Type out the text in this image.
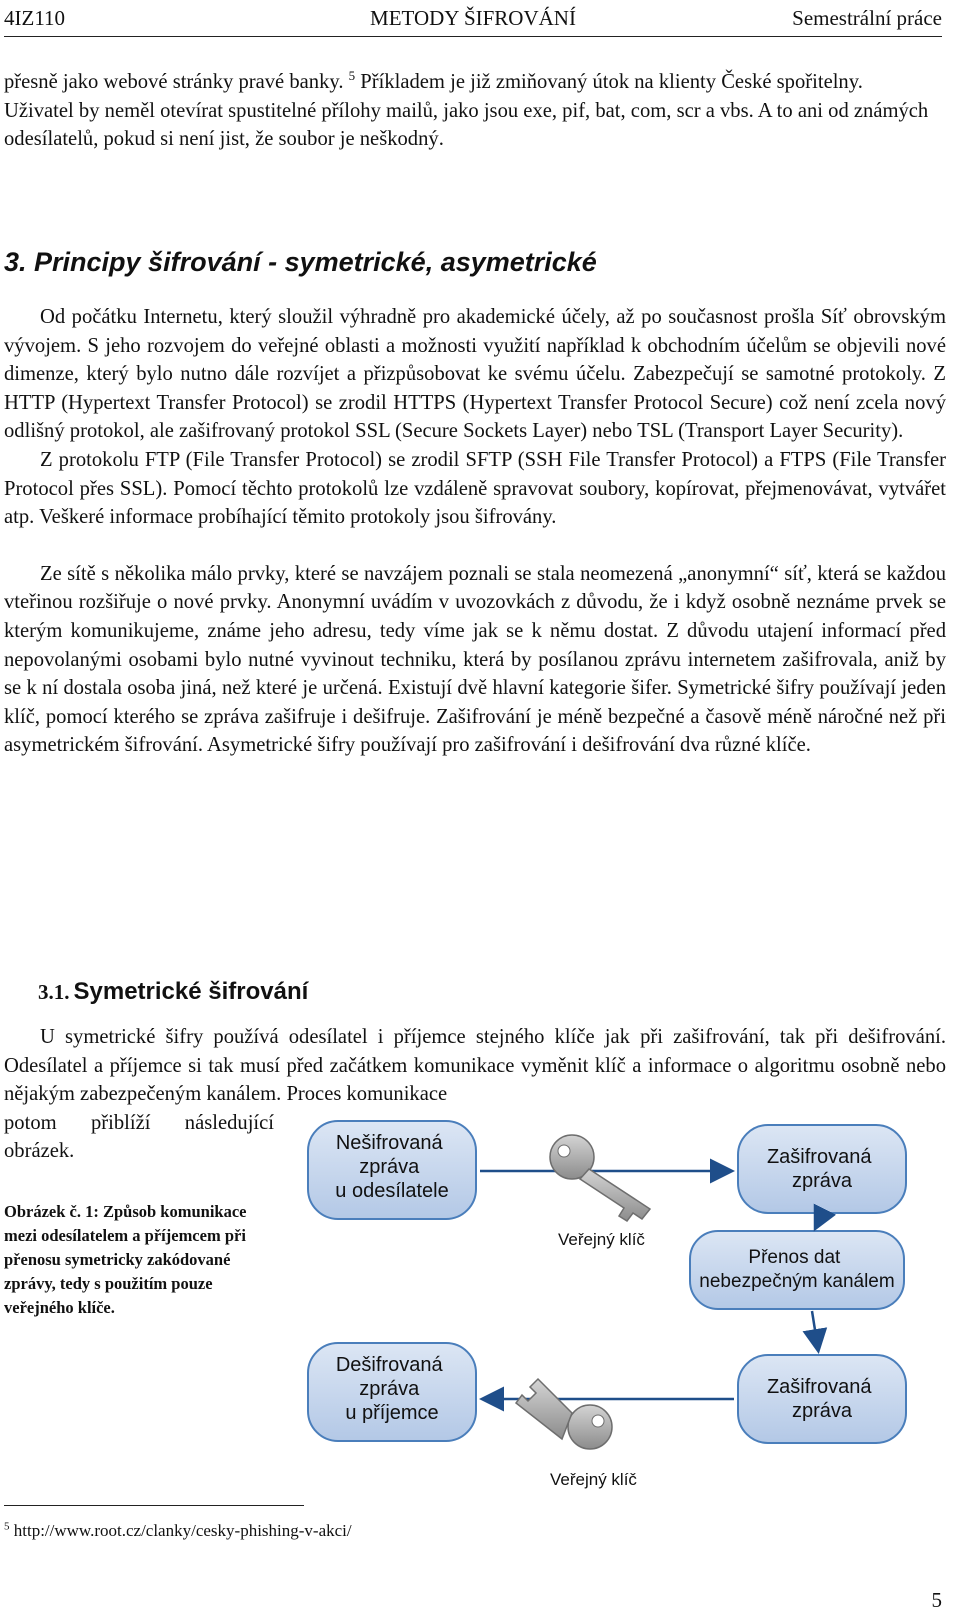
4IZ110	METODY ŠIFROVÁNÍ	Semestrální práce

přesně jako webové stránky pravé banky. $^5$ Příkladem je již zmiňovaný útok na klienty České spořitelny.

Uživatel by neměl otevírat spustitelné přílohy mailů, jako jsou exe, pif, bat, com, scr a vbs. A to ani od známých odesílatelů, pokud si není jist, že soubor je neškodný.

3. Principy šifrování - symetrické, asymetrické

Od počátku Internetu, který sloužil výhradně pro akademické účely, až po současnost prošla Síť obrovským vývojem. S jeho rozvojem do veřejné oblasti a možnosti využití například k obchodním účelům se objevili nové dimenze, který bylo nutno dále rozvíjet a přizpůsobovat ke svému účelu. Zabezpečují se samotné protokoly. Z HTTP (Hypertext Transfer Protocol) se zrodil HTTPS (Hypertext Transfer Protocol Secure) což není zcela nový odlišný protokol, ale zašifrovaný protokol SSL (Secure Sockets Layer) nebo TSL (Transport Layer Security).

Z protokolu FTP (File Transfer Protocol) se zrodil SFTP (SSH File Transfer Protocol) a FTPS (File Transfer Protocol přes SSL). Pomocí těchto protokolů lze vzdáleně spravovat soubory, kopírovat, přejmenovávat, vytvářet atp. Veškeré informace probíhající těmito protokoly jsou šifrovány.

Ze sítě s několika málo prvky, které se navzájem poznali se stala neomezená „anonymní“ síť, která se každou vteřinou rozšiřuje o nové prvky. Anonymní uvádím v uvozovkách z důvodu, že i když osobně neznáme prvek se kterým komunikujeme, známe jeho adresu, tedy víme jak se k němu dostat. Z důvodu utajení informací před nepovolanými osobami bylo nutné vyvinout techniku, která by posílanou zprávu internetem zašifrovala, aniž by se k ní dostala osoba jiná, než které je určená. Existují dvě hlavní kategorie šifer. Symetrické šifry používají jeden klíč, pomocí kterého se zpráva zašifruje i dešifruje. Zašifrování je méně bezpečné a časově méně náročné než při asymetrickém šifrování. Asymetrické šifry používají pro zašifrování i dešifrování dva různé klíče.

3.1. Symetrické šifrování

U symetrické šifry používá odesílatel i příjemce stejného klíče jak při zašifrování, tak při dešifrování. Odesílatel a příjemce si tak musí před začátkem komunikace vyměnit klíč a informace o algoritmu osobně nebo nějakým zabezpečeným kanálem. Proces komunikace

potom přiblíží následující
obrázek.
Obrázek č. 1: Způsob komunikace mezi odesílatelem a příjemcem při přenosu symetricky zakódované zprávy, tedy s použitím pouze veřejného klíče.
Nešifrovaná zpráva u odesílatele
Zašifrovaná zpráva
Veřejný klíč
Přenos dat nebezpečným kanálem
Zašifrovaná zpráva
Dešifrovaná zpráva u příjemce
Veřejný klíč
$^5$ http://www.root.cz/clanky/cesky-phishing-v-akci/
5
